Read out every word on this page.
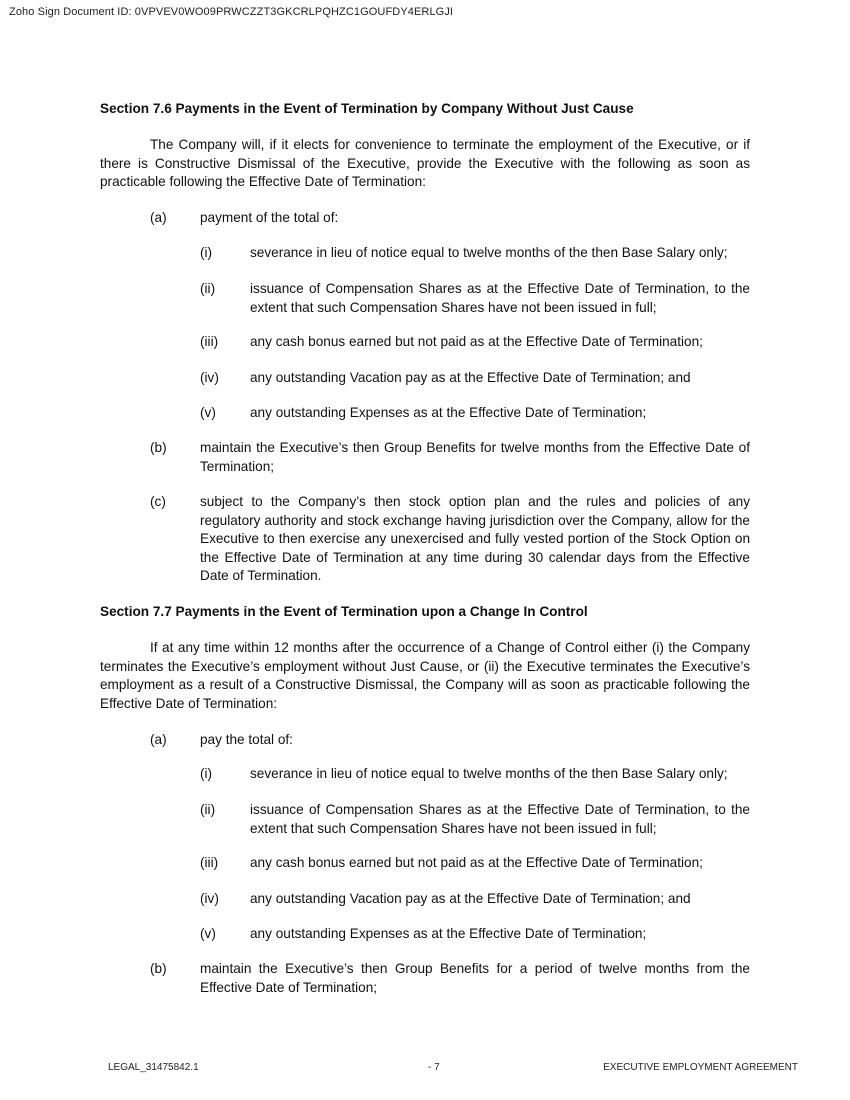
Zoho Sign Document ID: 0VPVEV0WO09PRWCZZT3GKCRLPQHZC1GOUFDY4ERLGJI
Section 7.6 Payments in the Event of Termination by Company Without Just Cause
The Company will, if it elects for convenience to terminate the employment of the Executive, or if there is Constructive Dismissal of the Executive, provide the Executive with the following as soon as practicable following the Effective Date of Termination:
(a) payment of the total of:
(i)	severance in lieu of notice equal to twelve months of the then Base Salary only;
(ii)	issuance of Compensation Shares as at the Effective Date of Termination, to the extent that such Compensation Shares have not been issued in full;
(iii) any cash bonus earned but not paid as at the Effective Date of Termination;
(iv) any outstanding Vacation pay as at the Effective Date of Termination; and
(v)	any outstanding Expenses as at the Effective Date of Termination;
(b) maintain the Executive’s then Group Benefits for twelve months from the Effective Date of Termination;
(c)	subject to the Company’s then stock option plan and the rules and policies of any regulatory authority and stock exchange having jurisdiction over the Company, allow for the Executive to then exercise any unexercised and fully vested portion of the Stock Option on the Effective Date of Termination at any time during 30 calendar days from the Effective Date of Termination.
Section 7.7 Payments in the Event of Termination upon a Change In Control
If at any time within 12 months after the occurrence of a Change of Control either (i) the Company terminates the Executive’s employment without Just Cause, or (ii) the Executive terminates the Executive’s employment as a result of a Constructive Dismissal, the Company will as soon as practicable following the Effective Date of Termination:
(a) pay the total of:
(i)	severance in lieu of notice equal to twelve months of the then Base Salary only;
(ii)	issuance of Compensation Shares as at the Effective Date of Termination, to the extent that such Compensation Shares have not been issued in full;
(iii) any cash bonus earned but not paid as at the Effective Date of Termination;
(iv) any outstanding Vacation pay as at the Effective Date of Termination; and
(v)	any outstanding Expenses as at the Effective Date of Termination;
(b) maintain the Executive’s then Group Benefits for a period of twelve months from the Effective Date of Termination;
LEGAL_31475842.1	- 7	EXECUTIVE EMPLOYMENT AGREEMENT
